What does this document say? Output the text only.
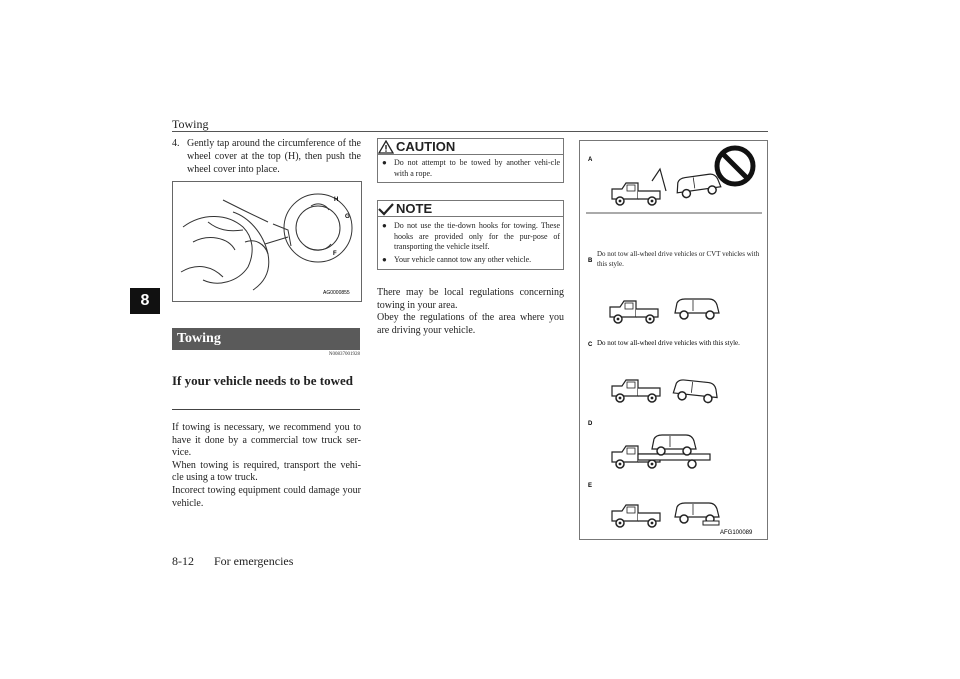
Towing
8
4. Gently tap around the circumference of the wheel cover at the top (H), then push the wheel cover into place.
H
G
F
AG0000855
Towing
N00837001928
If your vehicle needs to be towed
If towing is necessary, we recommend you to have it done by a commercial tow truck ser-vice.
When towing is required, transport the vehi-cle using a tow truck.
Incorect towing equipment could damage your vehicle.
CAUTION
● Do not attempt to be towed by another vehi-cle with a rope.
NOTE
● Do not use the tie-down hooks for towing. These hooks are provided only for the pur-pose of transporting the vehicle itself.
● Your vehicle cannot tow any other vehicle.
There may be local regulations concerning towing in your area.
Obey the regulations of the area where you are driving your vehicle.
A
B
Do not tow all-wheel drive vehicles or CVT vehicles with this style.
C Do not tow all-wheel drive vehicles with this style.
D
E
AFG100089
8-12 For emergencies
